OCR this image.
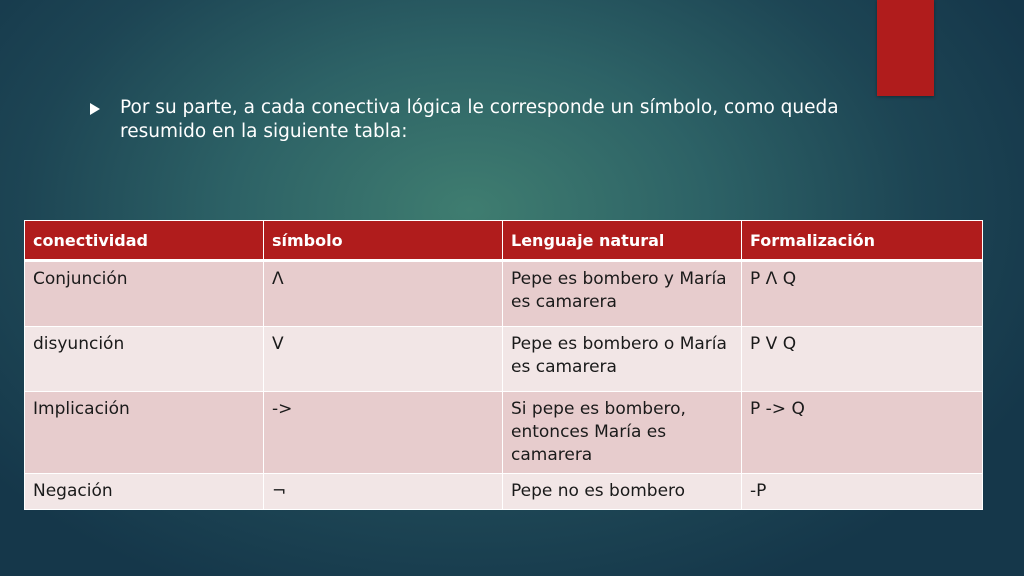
Por su parte, a cada conectiva lógica le corresponde un símbolo, como queda resumido en la siguiente tabla:
conectividad	símbolo	Lenguaje natural	Formalización
Conjunción	Λ	Pepe es bombero y María es camarera	P Λ Q
disyunción	V	Pepe es bombero o María es camarera	P V Q
Implicación	->	Si pepe es bombero, entonces María es camarera	P -> Q
Negación	¬	Pepe no es bombero	-P
